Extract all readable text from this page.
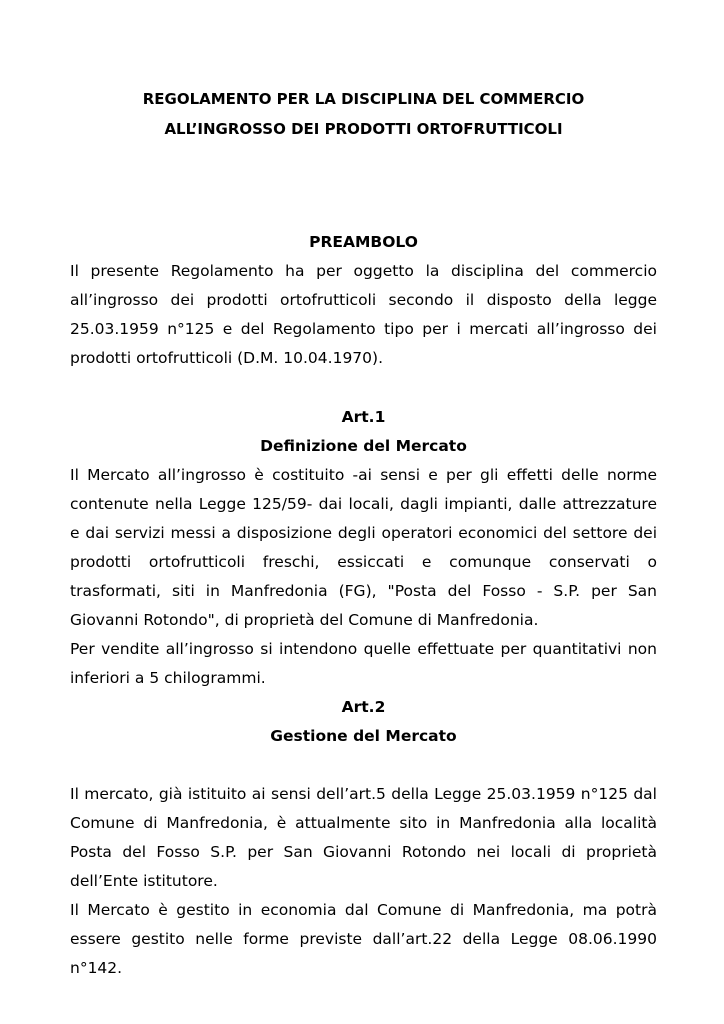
REGOLAMENTO PER LA DISCIPLINA DEL COMMERCIO

ALL’INGROSSO DEI PRODOTTI ORTOFRUTTICOLI

PREAMBOLO

Il presente Regolamento ha per oggetto la disciplina del commercio all’ingrosso dei prodotti ortofrutticoli secondo il disposto della legge 25.03.1959 n°125 e del Regolamento tipo per i mercati all’ingrosso dei prodotti ortofrutticoli (D.M. 10.04.1970).

Art.1

Definizione del Mercato

Il Mercato all’ingrosso è costituito -ai sensi e per gli effetti delle norme contenute nella Legge 125/59- dai locali, dagli impianti, dalle attrezzature e dai servizi messi a disposizione degli operatori economici del settore dei prodotti ortofrutticoli freschi, essiccati e comunque conservati o trasformati, siti in Manfredonia (FG), "Posta del Fosso - S.P. per San Giovanni Rotondo", di proprietà del Comune di Manfredonia.

Per vendite all’ingrosso si intendono quelle effettuate per quantitativi non inferiori a 5 chilogrammi.

Art.2

Gestione del Mercato

Il mercato, già istituito ai sensi dell’art.5 della Legge 25.03.1959 n°125 dal Comune di Manfredonia, è attualmente sito in Manfredonia alla località Posta del Fosso S.P. per San Giovanni Rotondo nei locali di proprietà dell’Ente istitutore.

Il Mercato è gestito in economia dal Comune di Manfredonia, ma potrà essere gestito nelle forme previste dall’art.22 della Legge 08.06.1990 n°142.
